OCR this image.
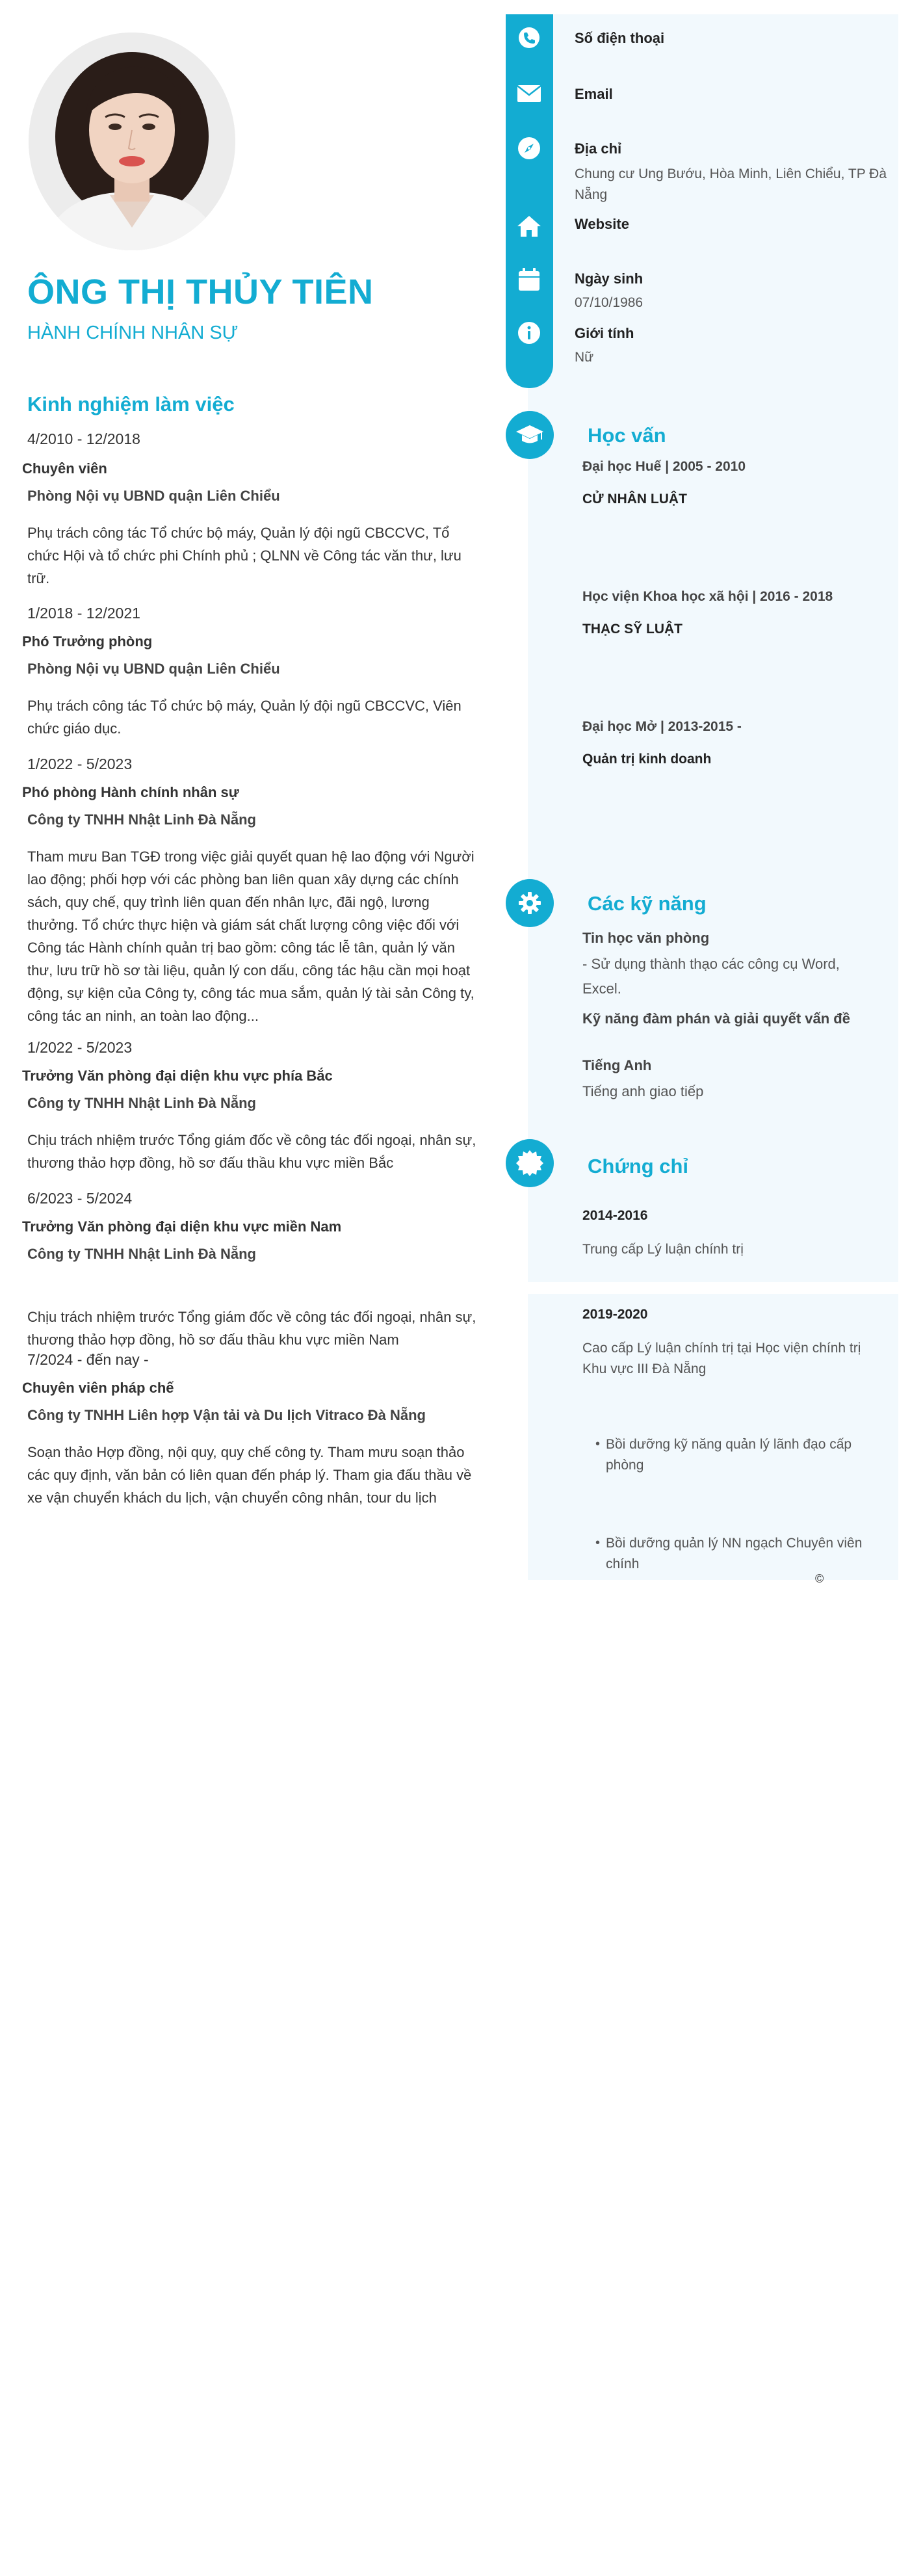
ÔNG THỊ THỦY TIÊN
HÀNH CHÍNH NHÂN SỰ
Kinh nghiệm làm việc
4/2010 - 12/2018
Chuyên viên
Phòng Nội vụ UBND quận Liên Chiểu
Phụ trách công tác Tổ chức bộ máy, Quản lý đội ngũ CBCCVC, Tổ chức Hội và tổ chức phi Chính phủ ; QLNN về Công tác văn thư, lưu trữ.
1/2018 - 12/2021
Phó Trưởng phòng
Phòng Nội vụ UBND quận Liên Chiểu
Phụ trách công tác Tổ chức bộ máy, Quản lý đội ngũ CBCCVC, Viên chức giáo dục.
1/2022 - 5/2023
Phó phòng Hành chính nhân sự
Công ty TNHH Nhật Linh Đà Nẵng
Tham mưu Ban TGĐ trong việc giải quyết quan hệ lao động với Người lao động; phối hợp với các phòng ban liên quan xây dựng các chính sách, quy chế, quy trình liên quan đến nhân lực, đãi ngộ, lương thưởng. Tổ chức thực hiện và giám sát chất lượng công việc đối với Công tác Hành chính quản trị bao gồm: công tác lễ tân, quản lý văn thư, lưu trữ hồ sơ tài liệu, quản lý con dấu, công tác hậu cần mọi hoạt động, sự kiện của Công ty, công tác mua sắm, quản lý tài sản Công ty, công tác an ninh, an toàn lao động...
1/2022 - 5/2023
Trưởng Văn phòng đại diện khu vực phía Bắc
Công ty TNHH Nhật Linh Đà Nẵng
Chịu trách nhiệm trước Tổng giám đốc về công tác đối ngoại, nhân sự, thương thảo hợp đồng, hồ sơ đấu thầu khu vực miền Bắc
6/2023 - 5/2024
Trưởng Văn phòng đại diện khu vực miền Nam
Công ty TNHH Nhật Linh Đà Nẵng
Chịu trách nhiệm trước Tổng giám đốc về công tác đối ngoại, nhân sự, thương thảo hợp đồng, hồ sơ đấu thầu khu vực miền Nam
7/2024 - đến nay -
Chuyên viên pháp chế
Công ty TNHH Liên hợp Vận tải và Du lịch Vitraco Đà Nẵng
Soạn thảo Hợp đồng, nội quy, quy chế công ty. Tham mưu soạn thảo các quy định, văn bản có liên quan đến pháp lý. Tham gia đấu thầu về xe vận chuyển khách du lịch, vận chuyển công nhân, tour du lịch
Số điện thoại
Email
Địa chỉ
Chung cư Ung Bướu, Hòa Minh, Liên Chiểu, TP Đà Nẵng
Website
Ngày sinh
07/10/1986
Giới tính
Nữ
Học vấn
Đại học Huế | 2005 - 2010
CỬ NHÂN LUẬT
Học viện Khoa học xã hội | 2016 - 2018
THẠC SỸ LUẬT
Đại học Mở | 2013-2015 -
Quản trị kinh doanh
Các kỹ năng
Tin học văn phòng
- Sử dụng thành thạo các công cụ Word, Excel.
Kỹ năng đàm phán và giải quyết vấn đề
Tiếng Anh
Tiếng anh giao tiếp
Chứng chỉ
2014-2016
Trung cấp Lý luận chính trị
2019-2020
Cao cấp Lý luận chính trị tại Học viện chính trị Khu vực III Đà Nẵng
• Bồi dưỡng kỹ năng quản lý lãnh đạo cấp phòng
• Bồi dưỡng quản lý NN ngạch Chuyên viên chính
©
